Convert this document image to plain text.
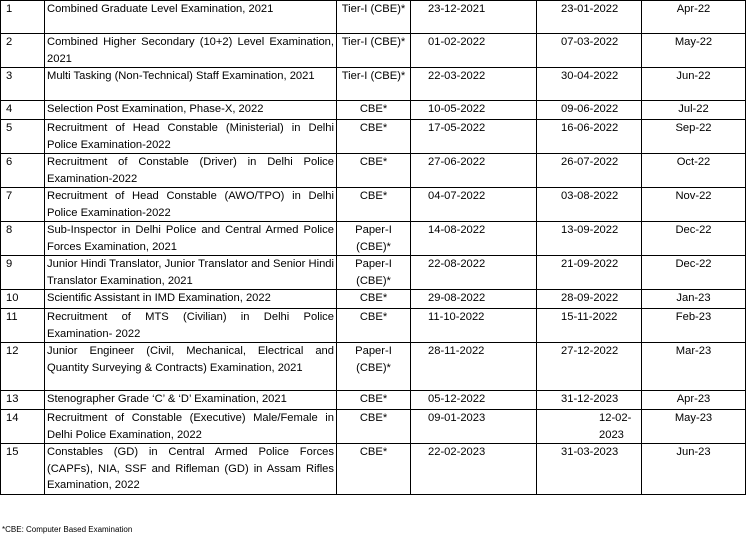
1	Combined Graduate Level Examination, 2021	Tier-I (CBE)*	23-12-2021	23-01-2022	Apr-22
2	Combined Higher Secondary (10+2) Level Examination, 2021	Tier-I (CBE)*	01-02-2022	07-03-2022	May-22
3	Multi Tasking (Non-Technical) Staff Examination, 2021	Tier-I (CBE)*	22-03-2022	30-04-2022	Jun-22
4	Selection Post Examination, Phase-X, 2022	CBE*	10-05-2022	09-06-2022	Jul-22
5	Recruitment of Head Constable (Ministerial) in Delhi Police Examination-2022	CBE*	17-05-2022	16-06-2022	Sep-22
6	Recruitment of Constable (Driver) in Delhi Police Examination-2022	CBE*	27-06-2022	26-07-2022	Oct-22
7	Recruitment of Head Constable (AWO/TPO) in Delhi Police Examination-2022	CBE*	04-07-2022	03-08-2022	Nov-22
8	Sub-Inspector in Delhi Police and Central Armed Police Forces Examination, 2021	Paper-I (CBE)*	14-08-2022	13-09-2022	Dec-22
9	Junior Hindi Translator, Junior Translator and Senior Hindi Translator Examination, 2021	Paper-I (CBE)*	22-08-2022	21-09-2022	Dec-22
10	Scientific Assistant in IMD Examination, 2022	CBE*	29-08-2022	28-09-2022	Jan-23
11	Recruitment of MTS (Civilian) in Delhi Police Examination- 2022	CBE*	11-10-2022	15-11-2022	Feb-23
12	Junior Engineer (Civil, Mechanical, Electrical and Quantity Surveying & Contracts) Examination, 2021	Paper-I (CBE)*	28-11-2022	27-12-2022	Mar-23
13	Stenographer Grade ‘C’ & ‘D’ Examination, 2021	CBE*	05-12-2022	31-12-2023	Apr-23
14	Recruitment of Constable (Executive) Male/Female in Delhi Police Examination, 2022	CBE*	09-01-2023	12-02-2023	May-23
15	Constables (GD) in Central Armed Police Forces (CAPFs), NIA, SSF and Rifleman (GD) in Assam Rifles Examination, 2022	CBE*	22-02-2023	31-03-2023	Jun-23
*CBE: Computer Based Examination
